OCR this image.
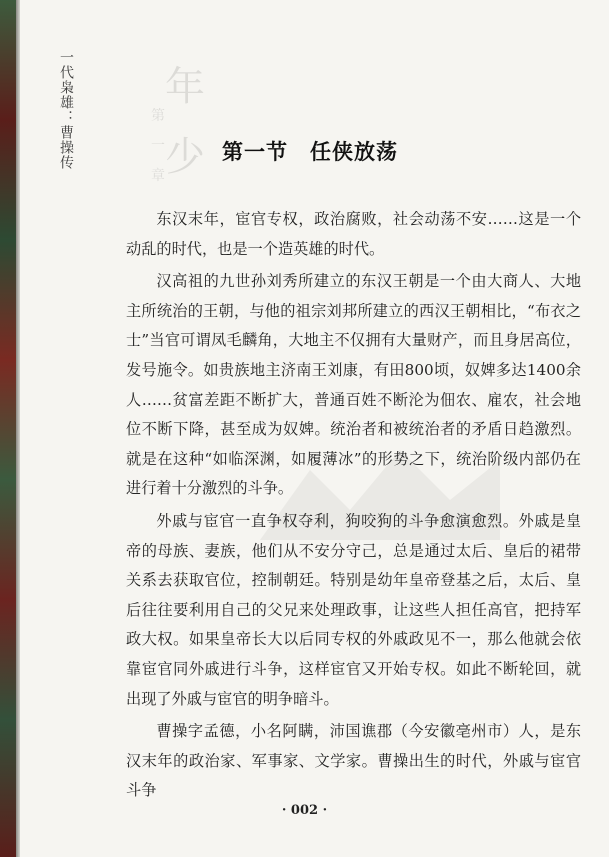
一代枭雄：曹操传 年
少
第
一
章
第一节　任侠放荡

东汉末年，宦官专权，政治腐败，社会动荡不安……这是一个动乱的时代，也是一个造英雄的时代。

汉高祖的九世孙刘秀所建立的东汉王朝是一个由大商人、大地主所统治的王朝，与他的祖宗刘邦所建立的西汉王朝相比，“布衣之士”当官可谓凤毛麟角，大地主不仅拥有大量财产，而且身居高位，发号施令。如贵族地主济南王刘康，有田800顷，奴婢多达1400余人……贫富差距不断扩大，普通百姓不断沦为佃农、雇农，社会地位不断下降，甚至成为奴婢。统治者和被统治者的矛盾日趋激烈。就是在这种“如临深渊，如履薄冰”的形势之下，统治阶级内部仍在进行着十分激烈的斗争。

外戚与宦官一直争权夺利，狗咬狗的斗争愈演愈烈。外戚是皇帝的母族、妻族，他们从不安分守己，总是通过太后、皇后的裙带关系去获取官位，控制朝廷。特别是幼年皇帝登基之后，太后、皇后往往要利用自己的父兄来处理政事，让这些人担任高官，把持军政大权。如果皇帝长大以后同专权的外戚政见不一，那么他就会依靠宦官同外戚进行斗争，这样宦官又开始专权。如此不断轮回，就出现了外戚与宦官的明争暗斗。

曹操字孟德，小名阿瞒，沛国谯郡（今安徽亳州市）人，是东汉末年的政治家、军事家、文学家。曹操出生的时代，外戚与宦官斗争

· 002 ·
